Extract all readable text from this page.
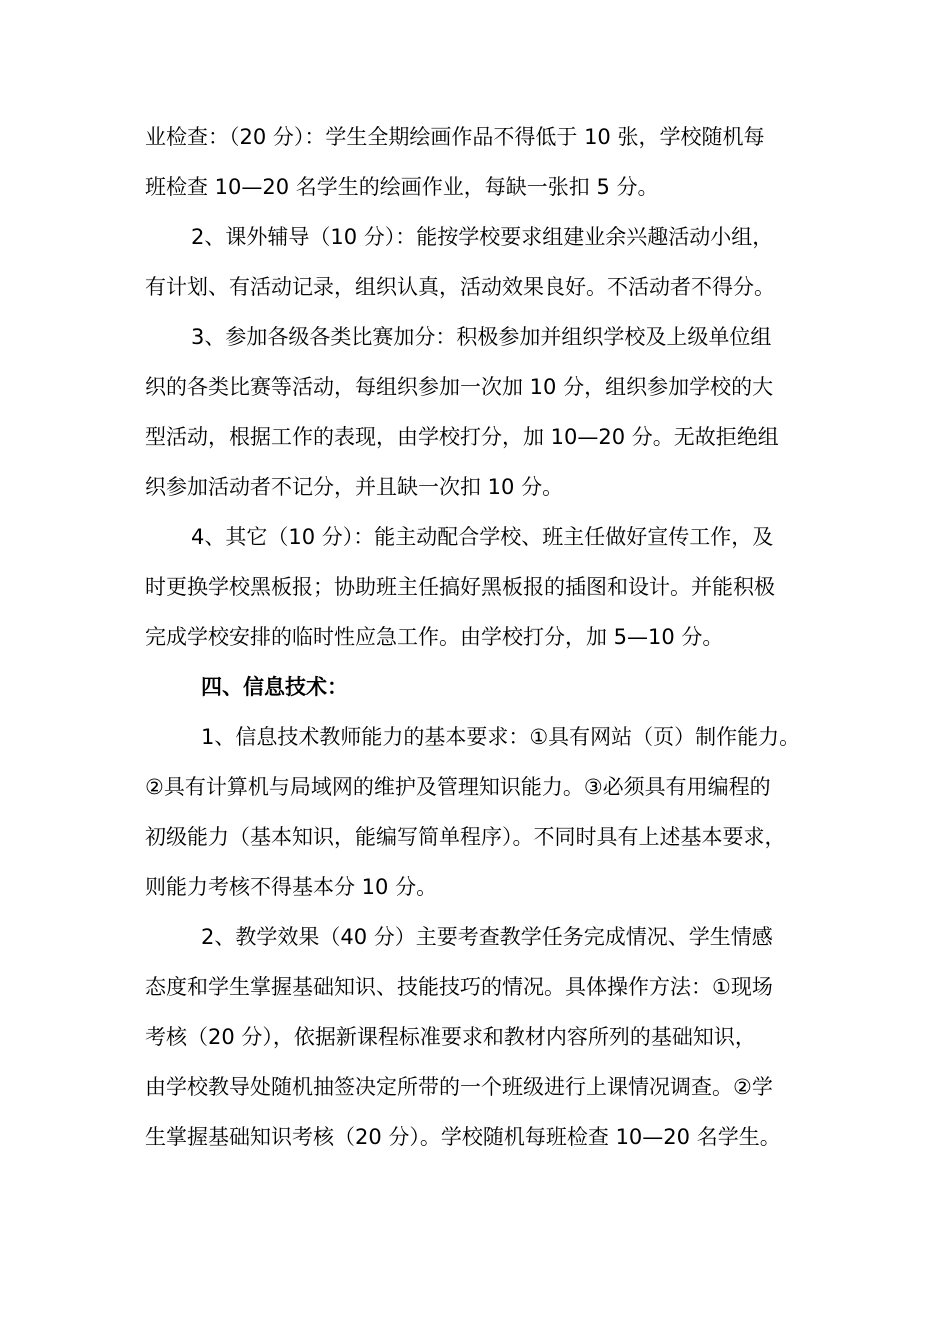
业检查：（20 分）：学生全期绘画作品不得低于 10 张，学校随机每
班检查 10—20 名学生的绘画作业，每缺一张扣 5 分。
2、课外辅导（10 分）：能按学校要求组建业余兴趣活动小组，
有计划、有活动记录，组织认真，活动效果良好。不活动者不得分。
3、参加各级各类比赛加分：积极参加并组织学校及上级单位组
织的各类比赛等活动，每组织参加一次加 10 分，组织参加学校的大
型活动，根据工作的表现，由学校打分，加 10—20 分。无故拒绝组
织参加活动者不记分，并且缺一次扣 10 分。
4、其它（10 分）：能主动配合学校、班主任做好宣传工作，及
时更换学校黑板报；协助班主任搞好黑板报的插图和设计。并能积极
完成学校安排的临时性应急工作。由学校打分，加 5—10 分。
四、信息技术：
1、信息技术教师能力的基本要求：①具有网站（页）制作能力。
②具有计算机与局域网的维护及管理知识能力。③必须具有用编程的
初级能力（基本知识，能编写简单程序）。不同时具有上述基本要求，
则能力考核不得基本分 10 分。
2、教学效果（40 分）主要考查教学任务完成情况、学生情感
态度和学生掌握基础知识、技能技巧的情况。具体操作方法：①现场
考核（20 分），依据新课程标准要求和教材内容所列的基础知识，
由学校教导处随机抽签决定所带的一个班级进行上课情况调查。②学
生掌握基础知识考核（20 分）。学校随机每班检查 10—20 名学生。
